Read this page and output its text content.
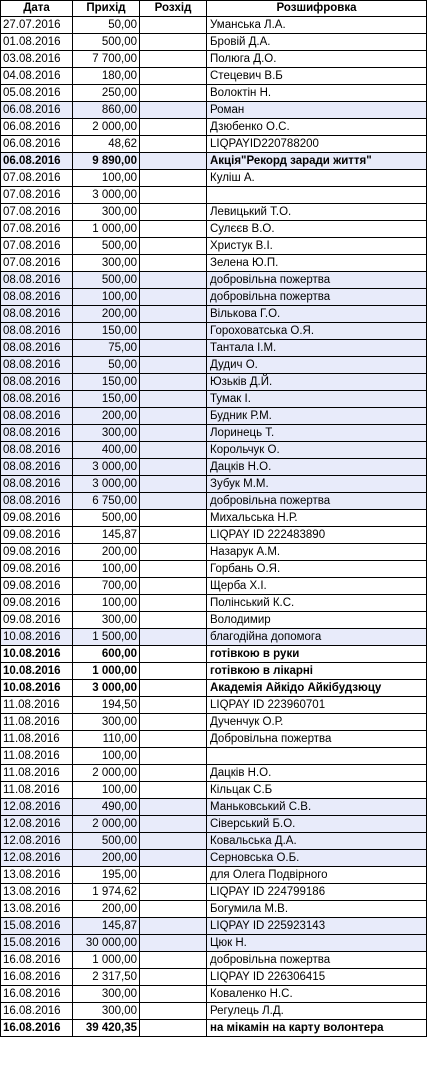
Дата	Прихід	Розхід	Розшифровка
27.07.2016	50,00		Уманська Л.А.
01.08.2016	500,00		Бровій Д.А.
03.08.2016	7 700,00		Полюга Д.О.
04.08.2016	180,00		Стецевич В.Б
05.08.2016	250,00		Волоктін Н.
06.08.2016	860,00		Роман
06.08.2016	2 000,00		Дзюбенко О.С.
06.08.2016	48,62		LIQPAYID220788200
06.08.2016	9 890,00		Акція"Рекорд заради життя"
07.08.2016	100,00		Куліш А.
07.08.2016	3 000,00		
07.08.2016	300,00		Левицький Т.О.
07.08.2016	1 000,00		Сулєєв В.О.
07.08.2016	500,00		Христук В.І.
07.08.2016	300,00		Зелена Ю.П.
08.08.2016	500,00		добровільна пожертва
08.08.2016	100,00		добровільна пожертва
08.08.2016	200,00		Вількова Г.О.
08.08.2016	150,00		Гороховатська О.Я.
08.08.2016	75,00		Тантала І.М.
08.08.2016	50,00		Дудич О.
08.08.2016	150,00		Юзьків Д.Й.
08.08.2016	150,00		Тумак І.
08.08.2016	200,00		Будник Р.М.
08.08.2016	300,00		Лоринець Т.
08.08.2016	400,00		Корольчук О.
08.08.2016	3 000,00		Дацків Н.О.
08.08.2016	3 000,00		Зубук М.М.
08.08.2016	6 750,00		добровільна пожертва
09.08.2016	500,00		Михальська Н.Р.
09.08.2016	145,87		LIQPAY ID 222483890
09.08.2016	200,00		Назарук А.М.
09.08.2016	100,00		Горбань О.Я.
09.08.2016	700,00		Щерба Х.І.
09.08.2016	100,00		Полінський К.С.
09.08.2016	300,00		Володимир
10.08.2016	1 500,00		благодійна допомога
10.08.2016	600,00		готівкою в руки
10.08.2016	1 000,00		готівкою в лікарні
10.08.2016	3 000,00		Академія Айкідо Айкібудзюцу
11.08.2016	194,50		LIQPAY ID 223960701
11.08.2016	300,00		Дученчук О.Р.
11.08.2016	110,00		Добровільна пожертва
11.08.2016	100,00		
11.08.2016	2 000,00		Дацків Н.О.
11.08.2016	100,00		Кільцак С.Б
12.08.2016	490,00		Маньковський С.В.
12.08.2016	2 000,00		Сіверський Б.О.
12.08.2016	500,00		Ковальська Д.А.
12.08.2016	200,00		Серновська О.Б.
13.08.2016	195,00		для Олега Подвірного
13.08.2016	1 974,62		LIQPAY ID 224799186
13.08.2016	200,00		Богумила М.В.
15.08.2016	145,87		LIQPAY ID 225923143
15.08.2016	30 000,00		Цюк Н.
16.08.2016	1 000,00		добровільна пожертва
16.08.2016	2 317,50		LIQPAY ID 226306415
16.08.2016	300,00		Коваленко Н.С.
16.08.2016	300,00		Регулець Л.Д.
16.08.2016	39 420,35		на мікамін на карту волонтера
